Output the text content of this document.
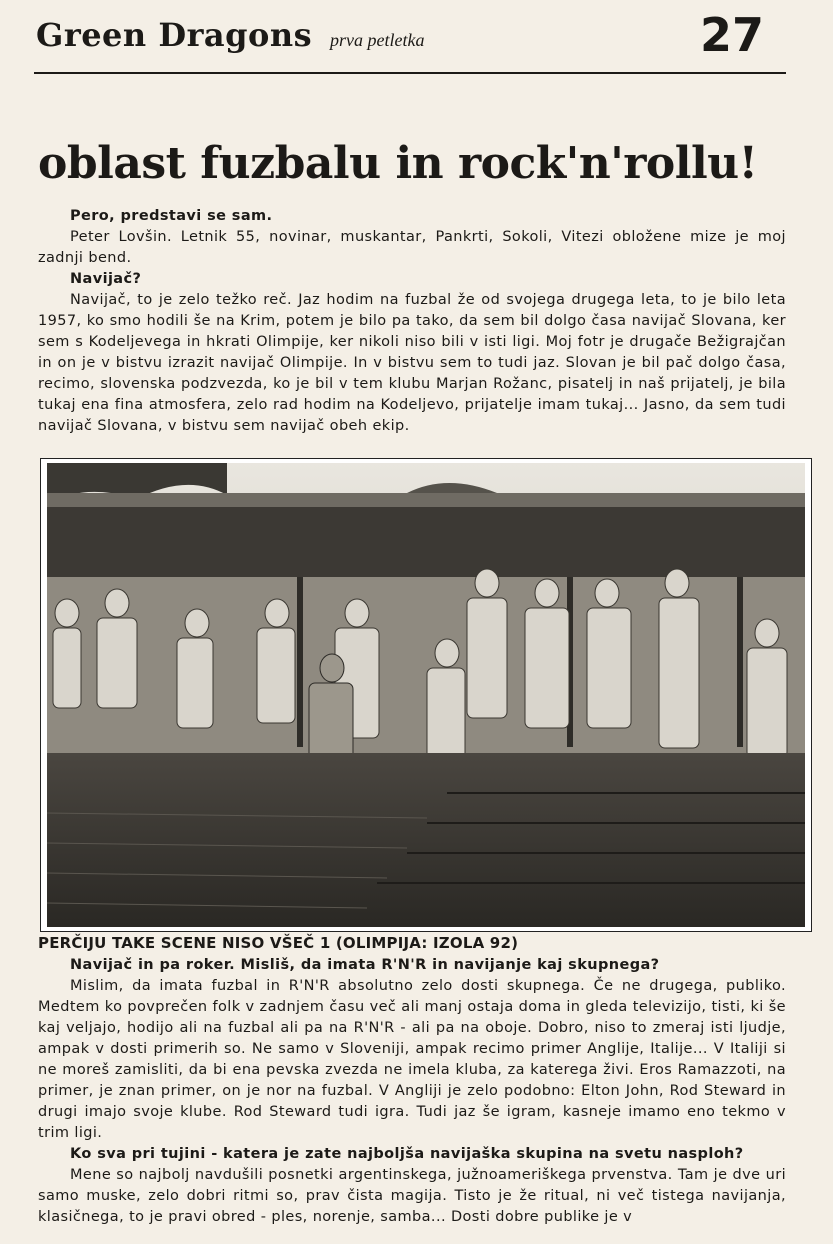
Green Dragons prva petletka	27
oblast fuzbalu in rock'n'rollu!
Pero, predstavi se sam.

Peter Lovšin. Letnik 55, novinar, muskantar, Pankrti, Sokoli, Vitezi obložene mize je moj zadnji bend.

Navijač?

Navijač, to je zelo težko reč. Jaz hodim na fuzbal že od svojega drugega leta, to je bilo leta 1957, ko smo hodili še na Krim, potem je bilo pa tako, da sem bil dolgo časa navijač Slovana, ker sem s Kodeljevega in hkrati Olimpije, ker nikoli niso bili v isti ligi. Moj fotr je drugače Bežigrajčan in on je v bistvu izrazit navijač Olimpije. In v bistvu sem to tudi jaz. Slovan je bil pač dolgo časa, recimo, slovenska podzvezda, ko je bil v tem klubu Marjan Rožanc, pisatelj in naš prijatelj, je bila tukaj ena fina atmosfera, zelo rad hodim na Kodeljevo, prijatelje imam tukaj... Jasno, da sem tudi navijač Slovana, v bistvu sem navijač obeh ekip.

PERČIJU TAKE SCENE NISO VŠEČ 1 (OLIMPIJA: IZOLA 92)
Navijač in pa roker. Misliš, da imata R'N'R in navijanje kaj skupnega?

Mislim, da imata fuzbal in R'N'R absolutno zelo dosti skupnega. Če ne drugega, publiko. Medtem ko povprečen folk v zadnjem času več ali manj ostaja doma in gleda televizijo, tisti, ki še kaj veljajo, hodijo ali na fuzbal ali pa na R'N'R - ali pa na oboje. Dobro, niso to zmeraj isti ljudje, ampak v dosti primerih so. Ne samo v Sloveniji, ampak recimo primer Anglije, Italije... V Italiji si ne moreš zamisliti, da bi ena pevska zvezda ne imela kluba, za katerega živi. Eros Ramazzoti, na primer, je znan primer, on je nor na fuzbal. V Angliji je zelo podobno: Elton John, Rod Steward in drugi imajo svoje klube. Rod Steward tudi igra. Tudi jaz še igram, kasneje imamo eno tekmo v trim ligi.

Ko sva pri tujini - katera je zate najboljša navijaška skupina na svetu nasploh?

Mene so najbolj navdušili posnetki argentinskega, južnoameriškega prvenstva. Tam je dve uri samo muske, zelo dobri ritmi so, prav čista magija. Tisto je že ritual, ni več tistega navijanja, klasičnega, to je pravi obred - ples, norenje, samba... Dosti dobre publike je v
